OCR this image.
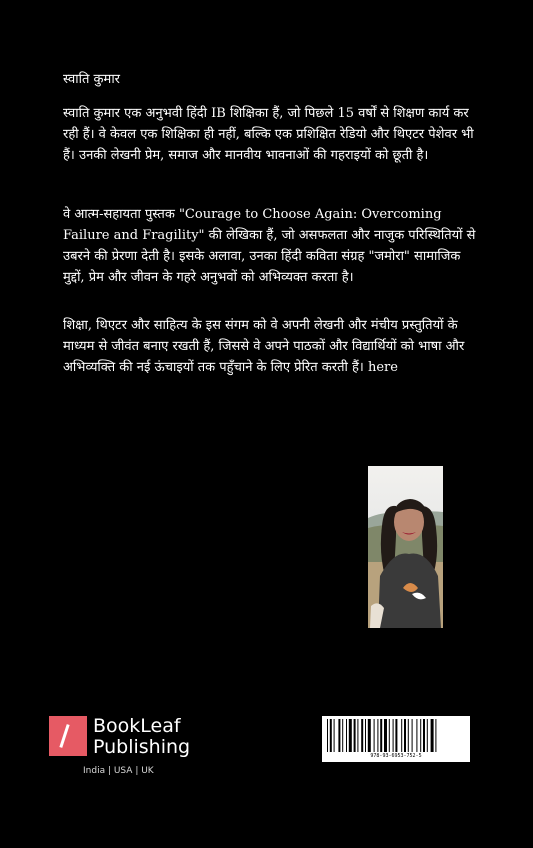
स्वाति कुमार

स्वाति कुमार एक अनुभवी हिंदी IB शिक्षिका हैं, जो पिछले 15 वर्षों से शिक्षण कार्य कर रही हैं। वे केवल एक शिक्षिका ही नहीं, बल्कि एक प्रशिक्षित रेडियो और थिएटर पेशेवर भी हैं। उनकी लेखनी प्रेम, समाज और मानवीय भावनाओं की गहराइयों को छूती है।

वे आत्म-सहायता पुस्तक "Courage to Choose Again: Overcoming Failure and Fragility" की लेखिका हैं, जो असफलता और नाजुक परिस्थितियों से उबरने की प्रेरणा देती है। इसके अलावा, उनका हिंदी कविता संग्रह "जमोरा" सामाजिक मुद्दों, प्रेम और जीवन के गहरे अनुभवों को अभिव्यक्त करता है।

शिक्षा, थिएटर और साहित्य के इस संगम को वे अपनी लेखनी और मंचीय प्रस्तुतियों के माध्यम से जीवंत बनाए रखती हैं, जिससे वे अपने पाठकों और विद्यार्थियों को भाषा और अभिव्यक्ति की नई ऊंचाइयों तक पहुँचाने के लिए प्रेरित करती हैं। here

BookLeaf
Publishing
India | USA | UK
978-93-6953-752-5
